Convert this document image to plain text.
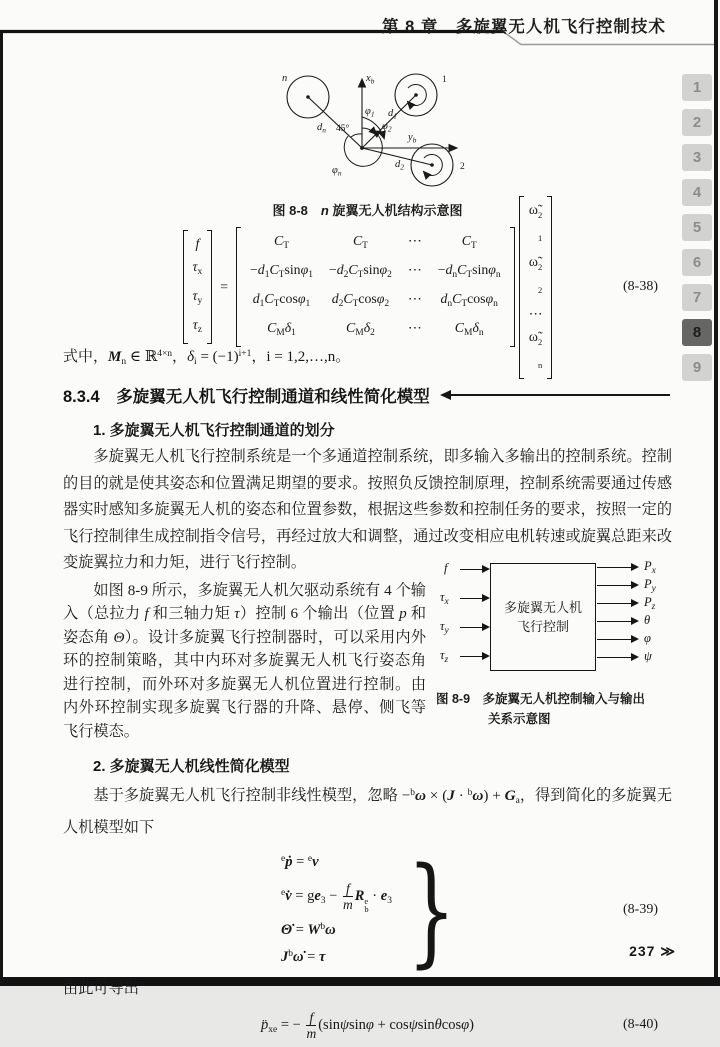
第 8 章　多旋翼无人机飞行控制技术
1
2
3
4
5
6
7
8
9
n	1
2
$x_b$
$y_b$
$d_n$
$d_1$
$d_2$
$\varphi_1$
$\varphi_2$
$\varphi_n$
45°
图 8-8　n 旋翼无人机结构示意图
f
$\tau_x$
$\tau_y$
$\tau_z$
=
$C_T$	$C_T$	⋯	$C_T$
$-d_1C_T\sin\varphi_1 -d_2C_T\sin\varphi_2$ ⋯ $-d_nC_T\sin\varphi_n$
$d_1C_T\cos\varphi_1$ $d_2C_T\cos\varphi_2$ ⋯ $d_nC_T\cos\varphi_n$
$C_M\delta_1$	$C_M\delta_2$	⋯	$C_M\delta_n$
ω̃ 2
1
ω̃ 2
2
⋯
ω̃ 2
n
(8-38)
式中，$M_n$ ∈ ℝ$^{4\times n}$，$\delta_i = (-1)^{i+1}$，i = 1,2,…,n。
8.3.4　多旋翼无人机飞行控制通道和线性简化模型
1. 多旋翼无人机飞行控制通道的划分

多旋翼无人机飞行控制系统是一个多通道控制系统，即多输入多输出的控制系统。控制的目的就是使其姿态和位置满足期望的要求。按照负反馈控制原理，控制系统需要通过传感器实时感知多旋翼无人机的姿态和位置参数，根据这些参数和控制任务的要求，按照一定的飞行控制律生成控制指令信号，再经过放大和调整，通过改变相应电机转速或旋翼总距来改变旋翼拉力和力矩，进行飞行控制。

多旋翼无人机
飞行控制
f
$\tau_x$
$\tau_y$
$\tau_z$
$P_x$
$P_y$
$P_z$
θ
φ
ψ
图 8-9　多旋翼无人机控制输入与输出
关系示意图

如图 8-9 所示，多旋翼无人机欠驱动系统有 4 个输入（总拉力 f 和三轴力矩 τ）控制 6 个输出（位置 p 和姿态角 Θ）。设计多旋翼飞行控制器时，可以采用内外环的控制策略，其中内环对多旋翼无人机飞行姿态角进行控制，而外环对多旋翼无人机位置进行控制。由内外环控制实现多旋翼飞行器的升降、悬停、侧飞等飞行模态。

2. 多旋翼无人机线性简化模型

基于多旋翼无人机飞行控制非线性模型，忽略 $-^b\omega \times (J \cdot ^b\omega) + G_a$，得到简化的多旋翼无人机模型如下

$^e$ṗ = $^e$v
$^e$v̇ = $ge_3 - \frac{f}{m}$ R e
b
· $e_3$
Θ̇ = $W^b\omega$
$J^b\omegȧ = \tau$ }	(8-39)
由此可导出
$p̈_{xe}$ = − $\frac{f}{m} (\sin\psi\sin\varphi + \cos\psi\sin\theta\cos\varphi)$	(8-40)
237 ≫
